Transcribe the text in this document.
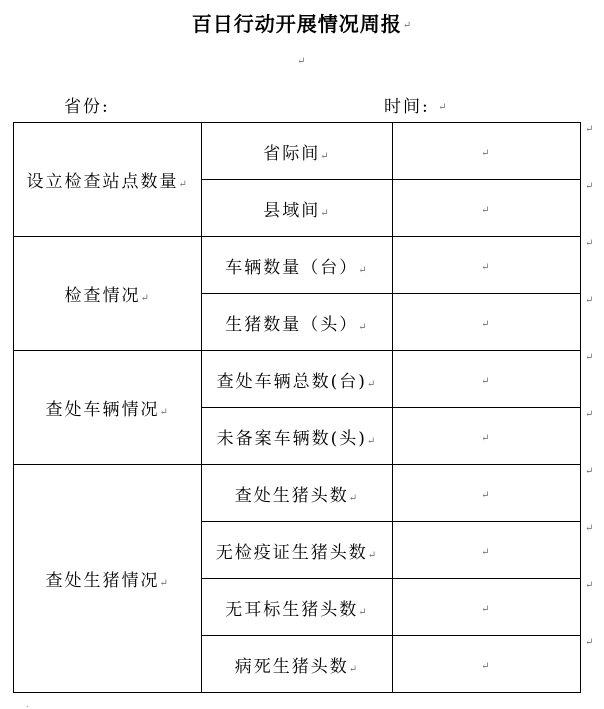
百日行动开展情况周报↵
↵
省份:	时间: ↵
设立检查站点数量↵	省际间↵	↵
	县域间↵	↵
检查情况↵	车辆数量（台）↵	↵
	生猪数量（头）↵	↵
查处车辆情况↵	查处车辆总数(台)↵	↵
	未备案车辆数(头)↵	↵
查处生猪情况↵	查处生猪头数↵	↵
	无检疫证生猪头数↵	↵
	无耳标生猪头数↵	↵
	病死生猪头数↵	↵
↵
↵
↵
↵
↵
↵
↵
↵
↵
↵
.
